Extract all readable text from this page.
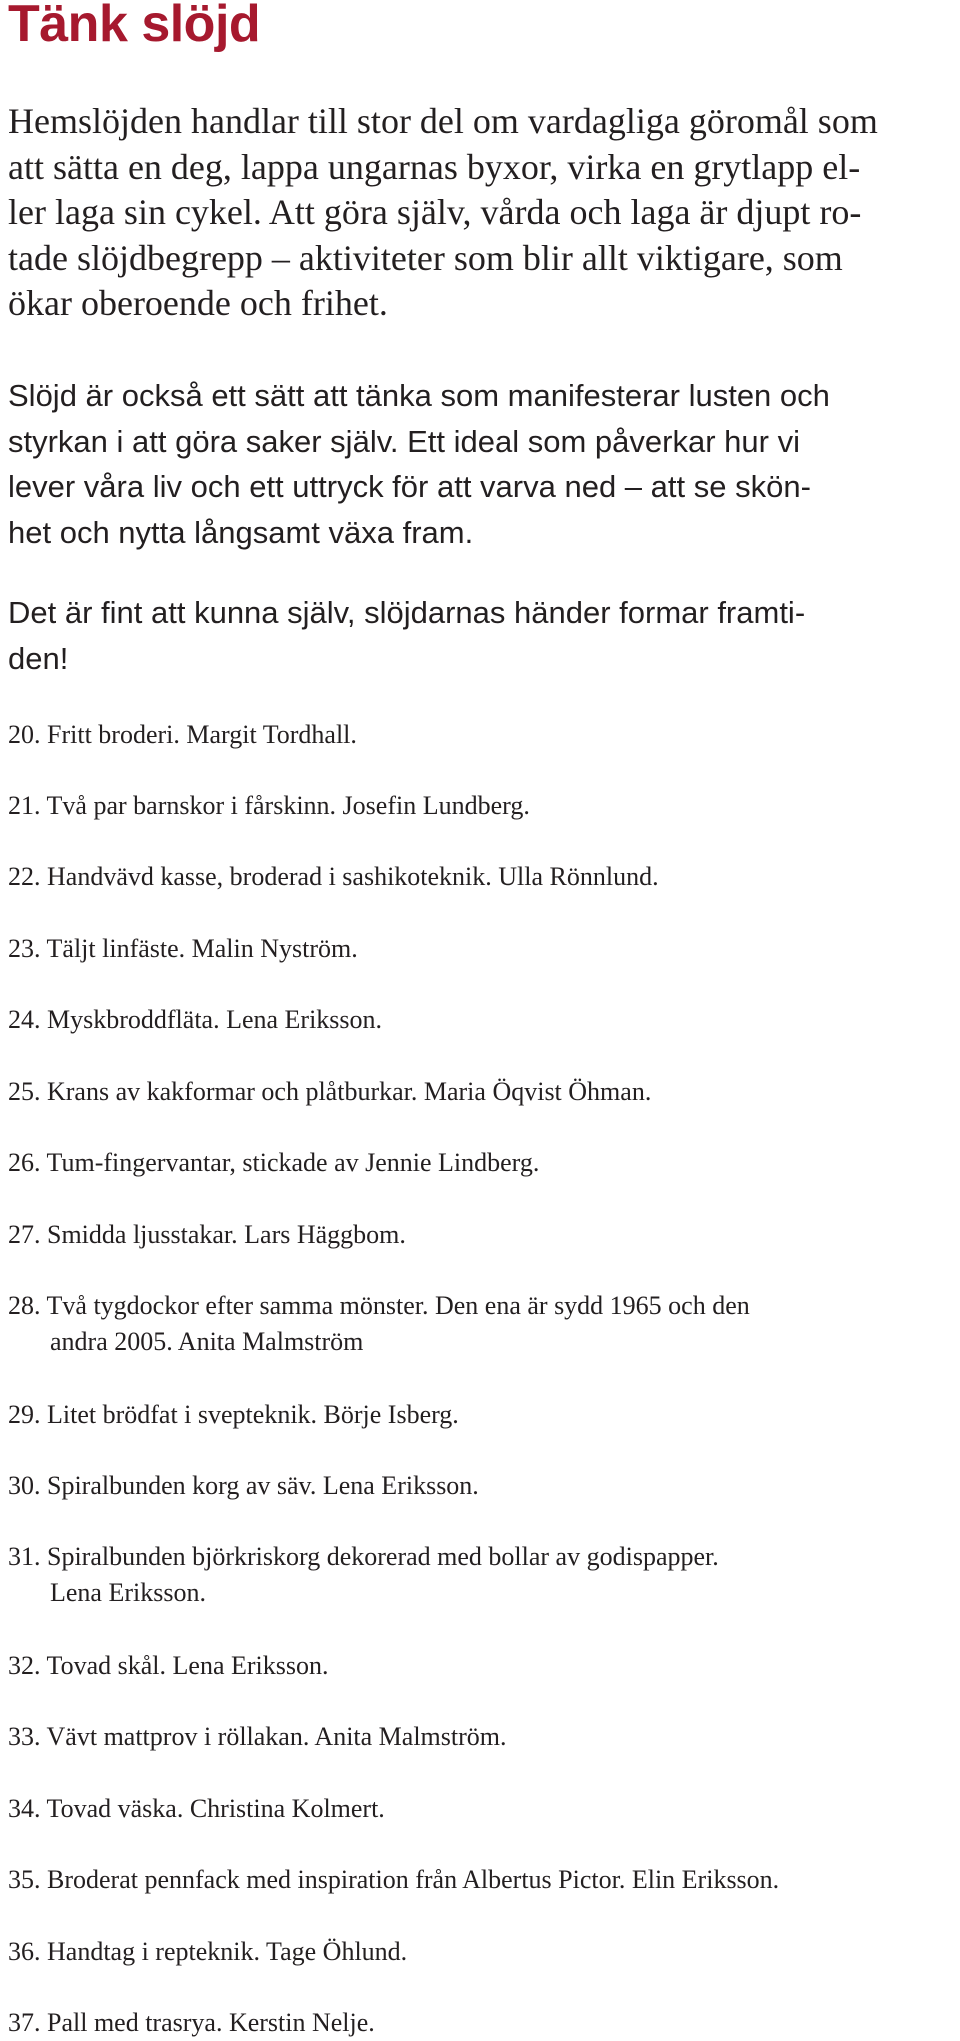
Tänk slöjd
Hemslöjden handlar till stor del om vardagliga göromål som
att sätta en deg, lappa ungarnas byxor, virka en grytlapp el-
ler laga sin cykel. Att göra själv, vårda och laga är djupt ro-
tade slöjdbegrepp – aktiviteter som blir allt viktigare, som
ökar oberoende och frihet.
Slöjd är också ett sätt att tänka som manifesterar lusten och
styrkan i att göra saker själv. Ett ideal som påverkar hur vi
lever våra liv och ett uttryck för att varva ned – att se skön-
het och nytta långsamt växa fram.
Det är fint att kunna själv, slöjdarnas händer formar framti-
den!
20. Fritt broderi. Margit Tordhall.
21. Två par barnskor i fårskinn. Josefin Lundberg.
22. Handvävd kasse, broderad i sashikoteknik. Ulla Rönnlund.
23. Täljt linfäste. Malin Nyström.
24. Myskbroddfläta. Lena Eriksson.
25. Krans av kakformar och plåtburkar. Maria Öqvist Öhman.
26. Tum-fingervantar, stickade av Jennie Lindberg.
27. Smidda ljusstakar. Lars Häggbom.
28. Två tygdockor efter samma mönster. Den ena är sydd 1965 och den
andra 2005. Anita Malmström
29. Litet brödfat i svepteknik. Börje Isberg.
30. Spiralbunden korg av säv. Lena Eriksson.
31. Spiralbunden björkriskorg dekorerad med bollar av godispapper.
Lena Eriksson.
32. Tovad skål. Lena Eriksson.
33. Vävt mattprov i röllakan. Anita Malmström.
34. Tovad väska. Christina Kolmert.
35. Broderat pennfack med inspiration från Albertus Pictor. Elin Eriksson.
36. Handtag i repteknik. Tage Öhlund.
37. Pall med trasrya. Kerstin Nelje.
